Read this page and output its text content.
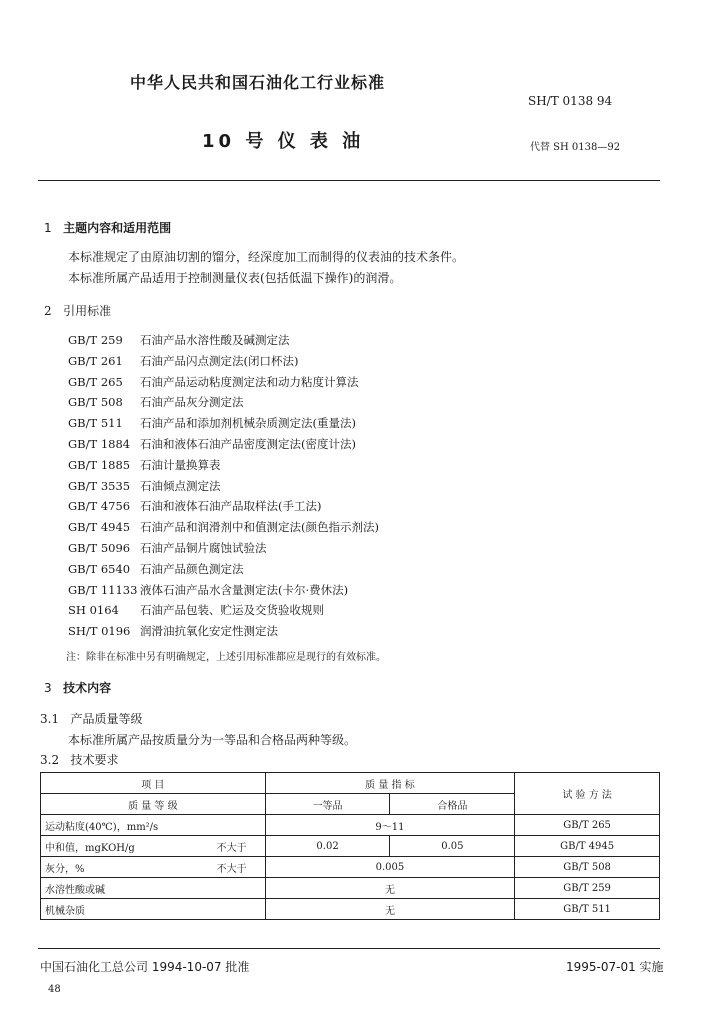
中华人民共和国石油化工行业标准
SH/T 0138 94
10 号 仪 表 油	代替 SH 0138—92
1 主题内容和适用范围
本标准规定了由原油切割的馏分，经深度加工而制得的仪表油的技术条件。
本标准所属产品适用于控制测量仪表(包括低温下操作)的润滑。
2 引用标准
GB/T 259 石油产品水溶性酸及碱测定法
GB/T 261 石油产品闪点测定法(闭口杯法)
GB/T 265 石油产品运动粘度测定法和动力粘度计算法
GB/T 508 石油产品灰分测定法
GB/T 511 石油产品和添加剂机械杂质测定法(重量法)
GB/T 1884 石油和液体石油产品密度测定法(密度计法)
GB/T 1885 石油计量换算表
GB/T 3535 石油倾点测定法
GB/T 4756 石油和液体石油产品取样法(手工法)
GB/T 4945 石油产品和润滑剂中和值测定法(颜色指示剂法)
GB/T 5096 石油产品铜片腐蚀试验法
GB/T 6540 石油产品颜色测定法
GB/T 11133 液体石油产品水含量测定法(卡尔·费休法)
SH 0164 石油产品包装、贮运及交货验收规则
SH/T 0196 润滑油抗氧化安定性测定法
注：除非在标准中另有明确规定，上述引用标准都应是现行的有效标准。
3 技术内容
3.1 产品质量等级
本标准所属产品按质量分为一等品和合格品两种等级。
3.2 技术要求
项 目		质 量 指 标		试 验 方 法
质 量 等 级		一等品	合格品	
运动粘度(40℃)，mm²/s		9～11		GB/T 265
中和值，mgKOH/g	不大于	0.02	0.05	GB/T 4945
灰分，%	不大于	0.005		GB/T 508
水溶性酸或碱		无		GB/T 259
机械杂质		无		GB/T 511
中国石油化工总公司 1994-10-07 批准	1995-07-01 实施
48
